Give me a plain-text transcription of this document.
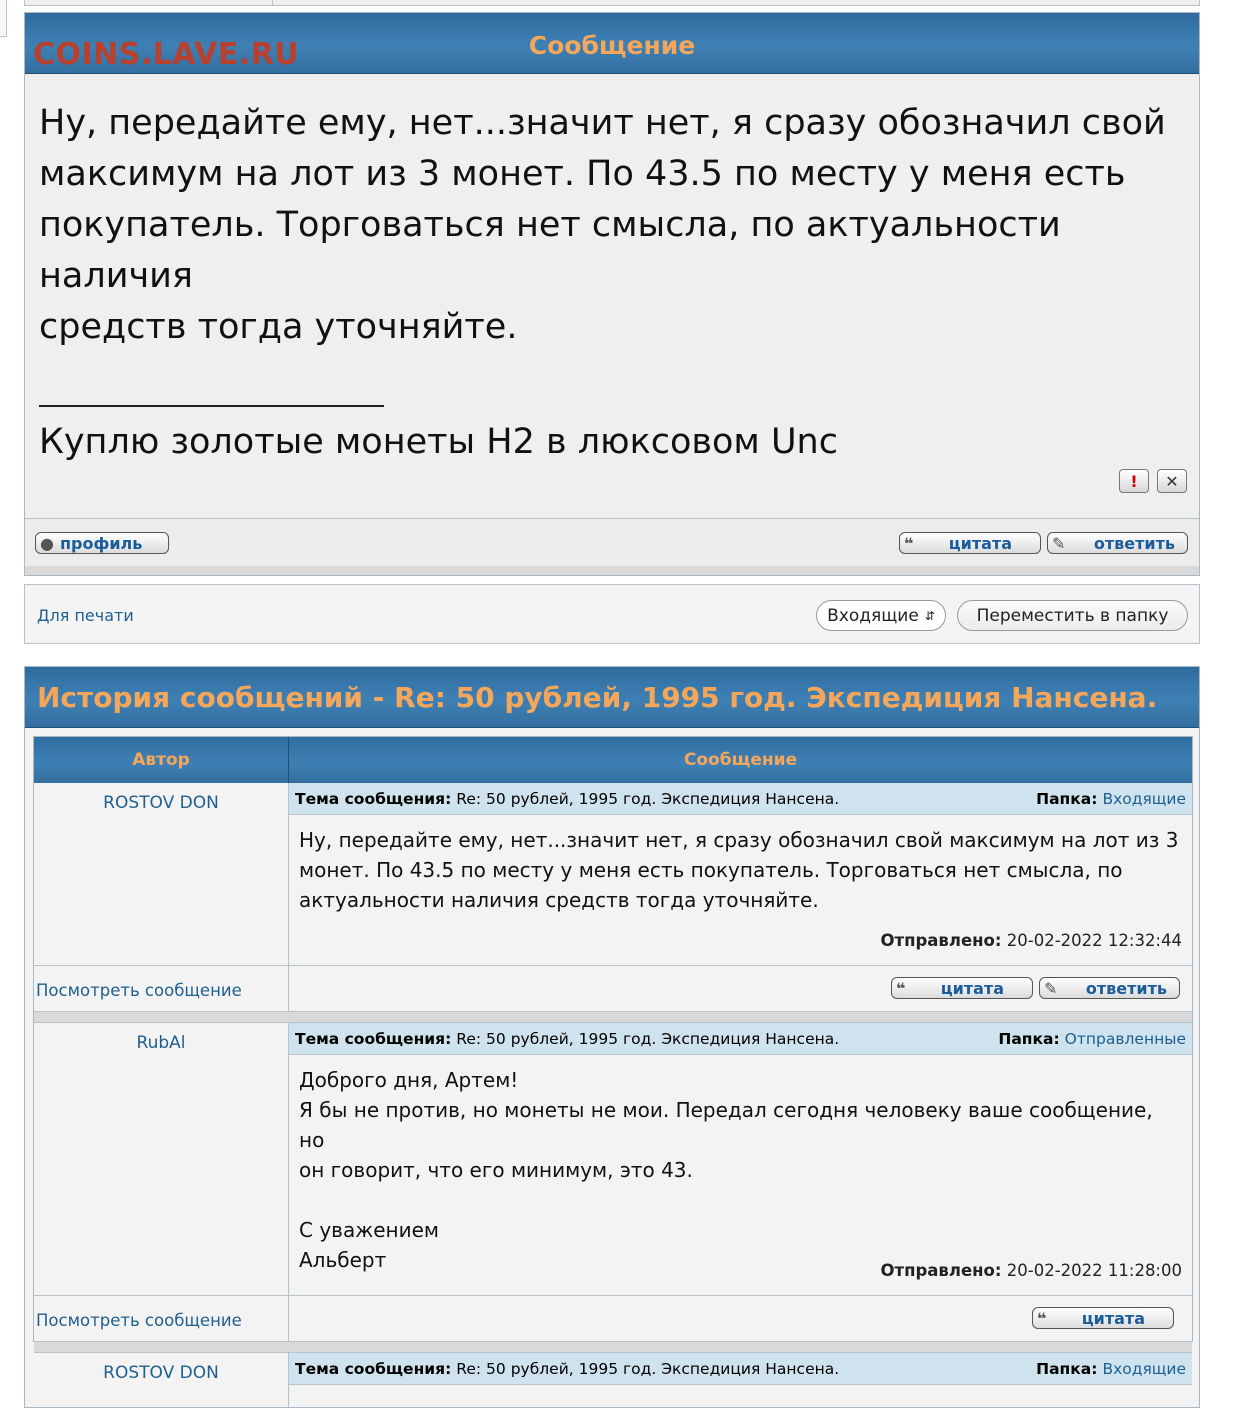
COINS.LAVE.RU	Сообщение
Ну, передайте ему, нет...значит нет, я сразу обозначил свой
максимум на лот из 3 монет. По 43.5 по месту у меня есть
покупатель. Торговаться нет смысла, по актуальности наличия
средств тогда уточняйте.
Куплю золотые монеты Н2 в люксовом Unc
!	✕
● профиль	❝ цитата	✎ ответить
Для печати	Входящие ⇵	Переместить в папку
История сообщений - Re: 50 рублей, 1995 год. Экспедиция Нансена.
Автор	Сообщение
ROSTOV DON	Тема сообщения: Re: 50 рублей, 1995 год. Экспедиция Нансена.	Папка: Входящие
Ну, передайте ему, нет...значит нет, я сразу обозначил свой максимум на лот из 3
монет. По 43.5 по месту у меня есть покупатель. Торговаться нет смысла, по
актуальности наличия средств тогда уточняйте.
Отправлено: 20-02-2022 12:32:44
Посмотреть сообщение	❝ цитата	✎ ответить
RubAl	Тема сообщения: Re: 50 рублей, 1995 год. Экспедиция Нансена.	Папка: Отправленные
Доброго дня, Артем!
Я бы не против, но монеты не мои. Передал сегодня человеку ваше сообщение, но
он говорит, что его минимум, это 43.
С уважением
Альберт	Отправлено: 20-02-2022 11:28:00
Посмотреть сообщение	❝ цитата
ROSTOV DON	Тема сообщения: Re: 50 рублей, 1995 год. Экспедиция Нансена.	Папка: Входящие
